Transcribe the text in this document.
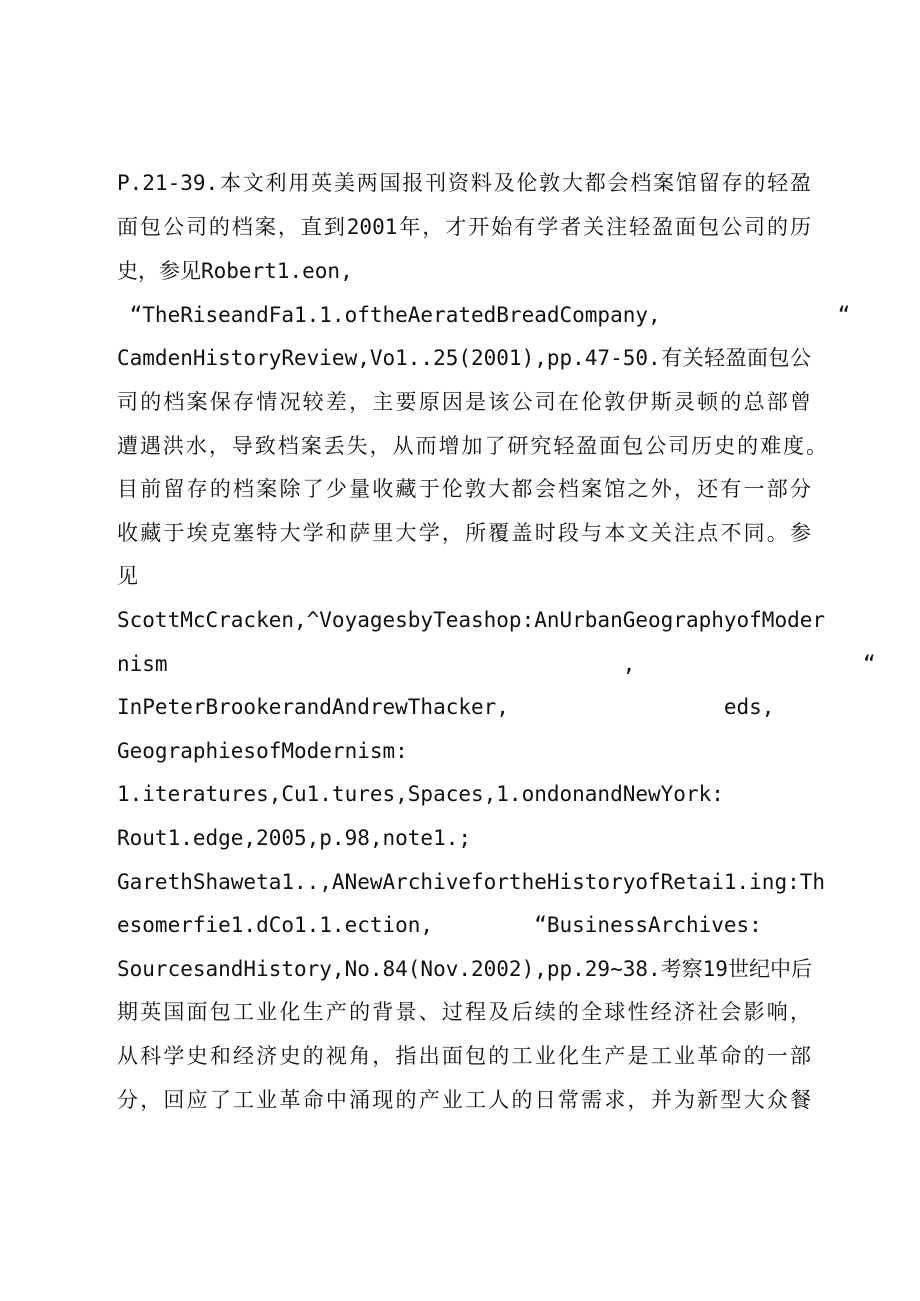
P.21-39.本文利用英美两国报刊资料及伦敦大都会档案馆留存的轻盈
面包公司的档案，直到2001年，才开始有学者关注轻盈面包公司的历
史，参见Robert1.eon,
“TheRiseandFa1.1.oftheAeratedBreadCompany,              “
CamdenHistoryReview,Vo1..25(2001),pp.47-50.有关轻盈面包公
司的档案保存情况较差，主要原因是该公司在伦敦伊斯灵顿的总部曾
遭遇洪水，导致档案丢失，从而增加了研究轻盈面包公司历史的难度。
目前留存的档案除了少量收藏于伦敦大都会档案馆之外，还有一部分
收藏于埃克塞特大学和萨里大学，所覆盖时段与本文关注点不同。参
见
ScottMcCracken,^VoyagesbyTeashop:AnUrbanGeographyofModer
nism                                    ,                  “
InPeterBrookerandAndrewThacker,                 eds,
GeographiesofModernism:
1.iteratures,Cu1.tures,Spaces,1.ondonandNewYork:
Rout1.edge,2005,p.98,note1.;
GarethShaweta1..,ANewArchivefortheHistoryofRetai1.ing:Th
esomerfie1.dCo1.1.ection,        “BusinessArchives:
SourcesandHistory,No.84(Nov.2002),pp.29~38.考察19世纪中后
期英国面包工业化生产的背景、过程及后续的全球性经济社会影响，
从科学史和经济史的视角，指出面包的工业化生产是工业革命的一部
分，回应了工业革命中涌现的产业工人的日常需求，并为新型大众餐
